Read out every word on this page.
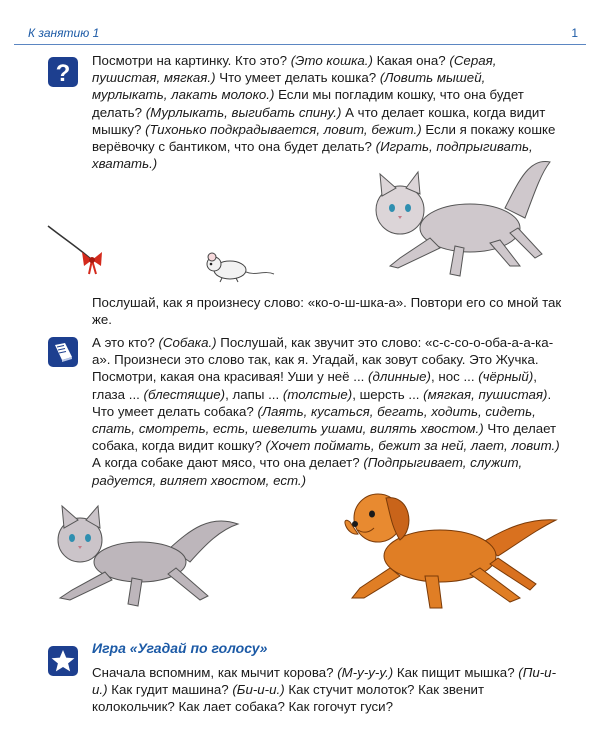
К занятию 1	1
? Посмотри на картинку. Кто это? (Это кошка.) Какая она? (Серая, пушистая, мягкая.) Что умеет делать кошка? (Ловить мышей, мурлыкать, лакать молоко.) Если мы погладим кошку, что она будет делать? (Мурлыкать, выгибать спину.) А что делает кошка, когда видит мышку? (Тихонько подкрадывается, ловит, бежит.) Если я покажу кошке верёвочку с бантиком, что она будет делать? (Играть, подпрыгивать, хватать.)

Послушай, как я произнесу слово: «ко-о-ш-шка-а». Повтори его со мной так же.

А это кто? (Собака.) Послушай, как звучит это слово: «с-с-со-о-оба-а-а-ка-а». Произнеси это слово так, как я. Угадай, как зовут собаку. Это Жучка. Посмотри, какая она красивая! Уши у неё ... (длинные), нос ... (чёрный), глаза ... (блестящие), лапы ... (толстые), шерсть ... (мягкая, пушистая). Что умеет делать собака? (Лаять, кусаться, бегать, ходить, сидеть, спать, смотреть, есть, шевелить ушами, вилять хвостом.) Что делает собака, когда видит кошку? (Хочет поймать, бежит за ней, лает, ловит.) А когда собаке дают мясо, что она делает? (Подпрыгивает, служит, радуется, виляет хвостом, ест.)

Игра «Угадай по голосу»

Сначала вспомним, как мычит корова? (М-у-у-у.) Как пищит мышка? (Пи-и-и.) Как гудит машина? (Би-и-и.) Как стучит молоток? Как звенит колокольчик? Как лает собака? Как гогочут гуси?
